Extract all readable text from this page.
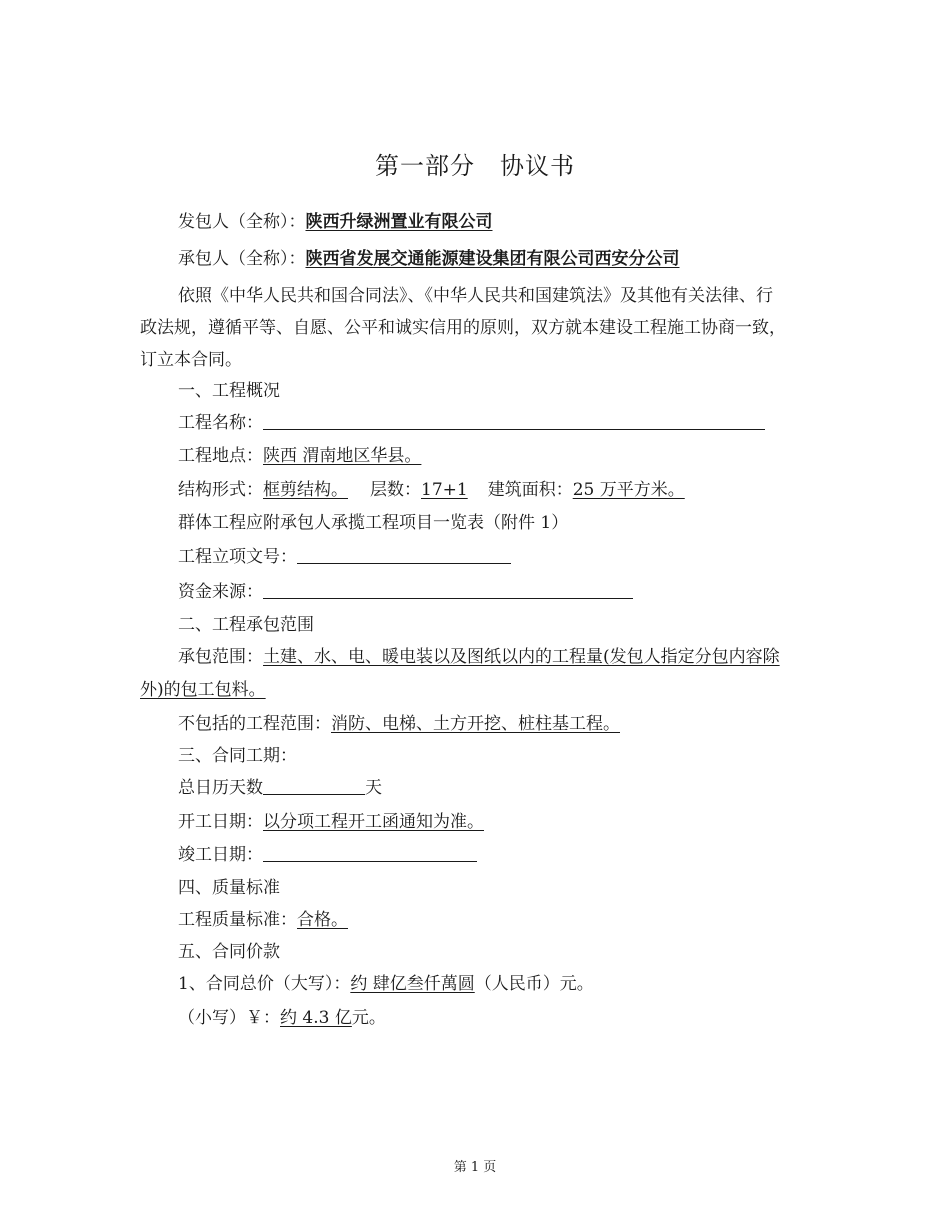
第一部分　协议书
发包人（全称）：陕西升绿洲置业有限公司
承包人（全称）：陕西省发展交通能源建设集团有限公司西安分公司
依照《中华人民共和国合同法》、《中华人民共和国建筑法》及其他有关法律、行
政法规，遵循平等、自愿、公平和诚实信用的原则，双方就本建设工程施工协商一致，
订立本合同。
一、工程概况
工程名称：
工程地点：陕西 渭南地区华县。
结构形式：框剪结构。 层数：17+1 建筑面积：25 万平方米。
群体工程应附承包人承揽工程项目一览表（附件 1）
工程立项文号：
资金来源：
二、工程承包范围
承包范围：土建、水、电、暖电装以及图纸以内的工程量(发包人指定分包内容除
外)的包工包料。
不包括的工程范围：消防、电梯、土方开挖、桩柱基工程。
三、合同工期：
总日历天数	天
开工日期：以分项工程开工函通知为准。
竣工日期：
四、质量标准
工程质量标准：合格。
五、合同价款
1、合同总价（大写）：约 肆亿叁仟萬圆（人民币）元。
（小写）￥：约 4.3 亿元。
第 1 页
